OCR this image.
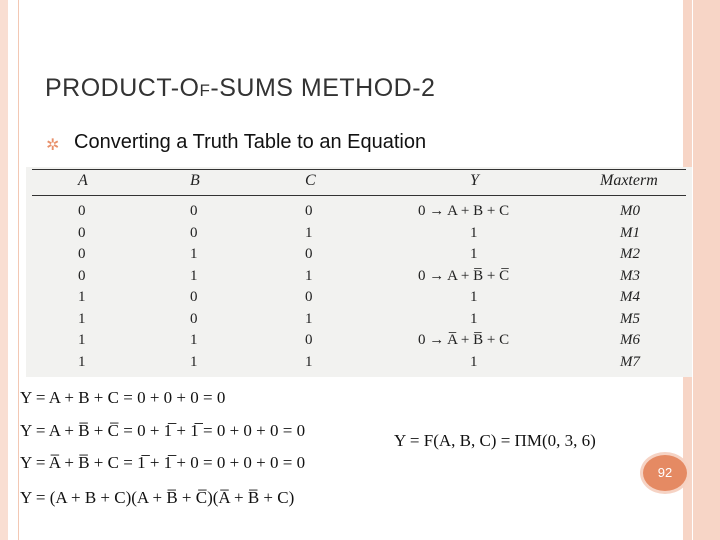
PRODUCT-OF-SUMS METHOD-2
✲ Converting a Truth Table to an Equation
A	B	C	Y	Maxterm
0	0	0	0 → A + B + C	M0
0	0	1	1	M1
0	1	0	1	M2
0	1	1	0 → A + B̅ + C̅	M3
1	0	0	1	M4
1	0	1	1	M5
1	1	0	0 → A̅ + B̅ + C	M6
1	1	1	1	M7
Y = A + B + C = 0 + 0 + 0 = 0
Y = A + B̅ + C̅ = 0 + 1̅ + 1̅ = 0 + 0 + 0 = 0
Y = A̅ + B̅ + C = 1̅ + 1̅ + 0 = 0 + 0 + 0 = 0
Y = (A + B + C)(A + B̅ + C̅)(A̅ + B̅ + C)
Y = F(A, B, C) = ΠM(0, 3, 6)
92
